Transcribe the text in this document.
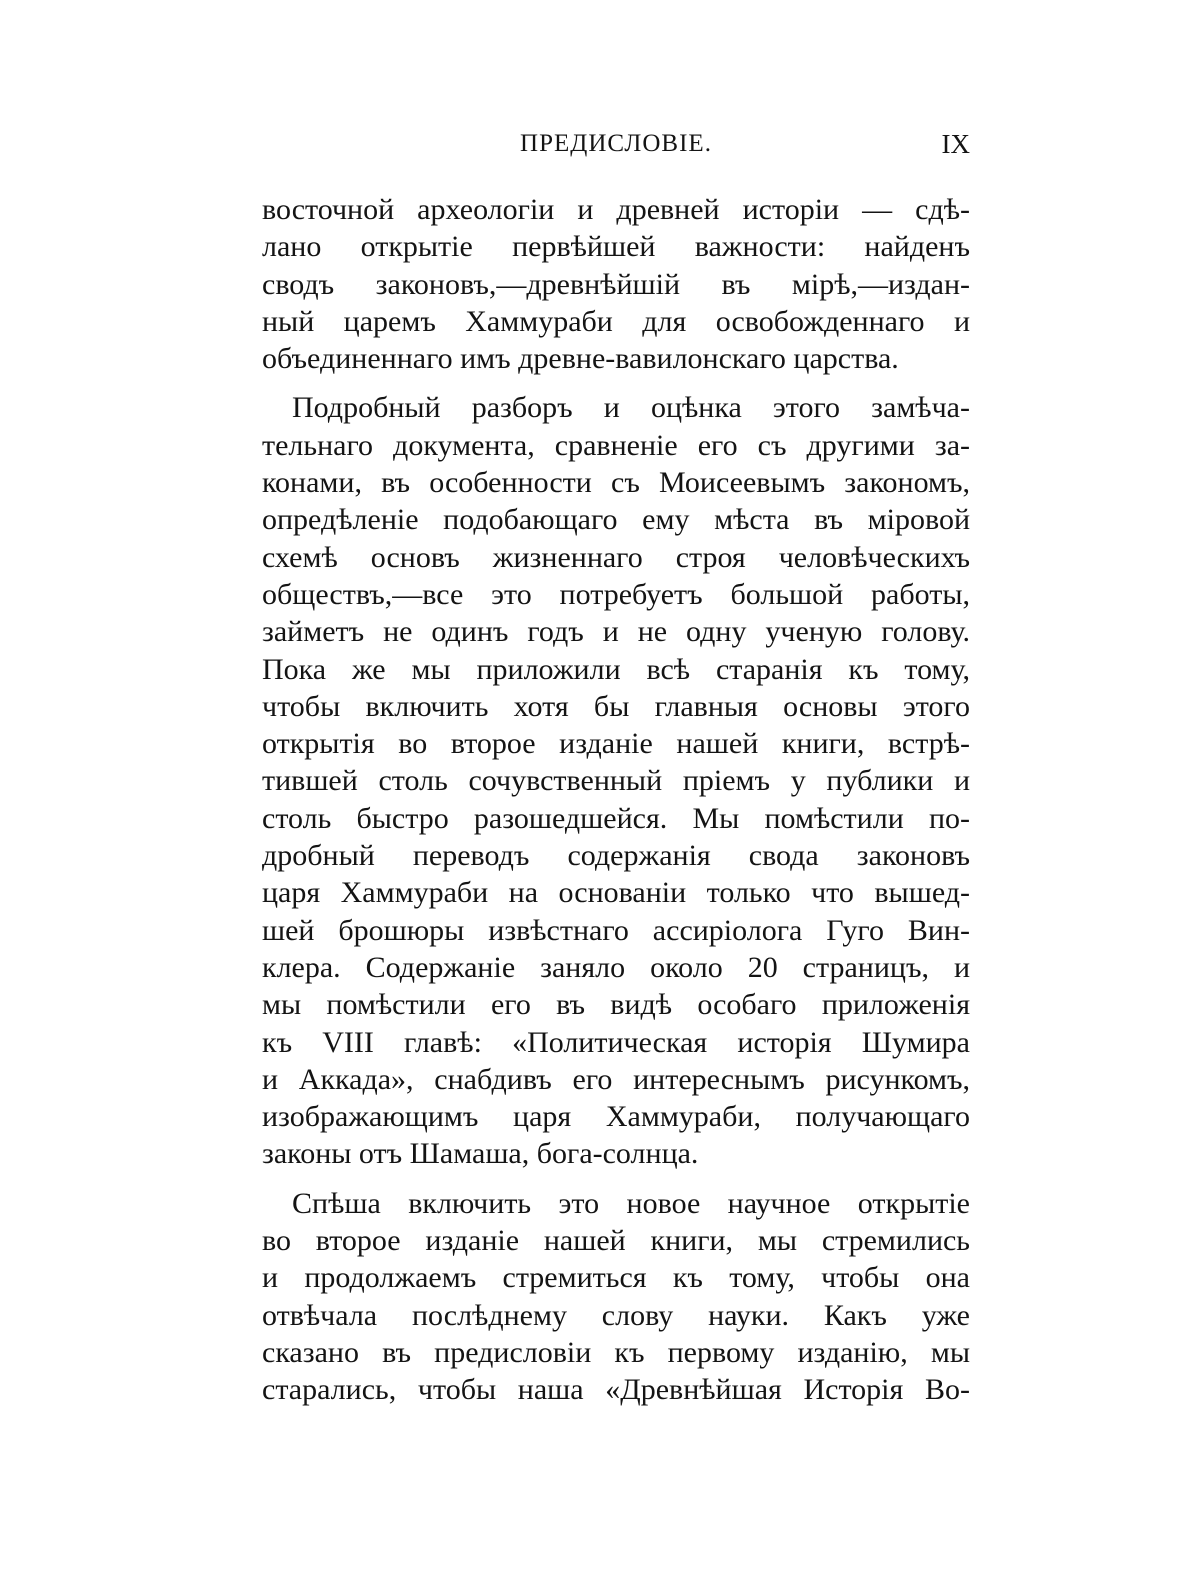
ПРЕДИСЛОВІЕ.	IX
восточной археологіи и древней исторіи — сдѣ-
лано открытіе первѣйшей важности: найденъ
сводъ законовъ,—древнѣйшій въ мірѣ,—издан-
ный царемъ Хаммураби для освобожденнаго и
объединеннаго имъ древне-вавилонскаго царства.
Подробный разборъ и оцѣнка этого замѣча-
тельнаго документа, сравненіе его съ другими за-
конами, въ особенности съ Моисеевымъ закономъ,
опредѣленіе подобающаго ему мѣста въ міровой
схемѣ основъ жизненнаго строя человѣческихъ
обществъ,—все это потребуетъ большой работы,
займетъ не одинъ годъ и не одну ученую голову.
Пока же мы приложили всѣ старанія къ тому,
чтобы включить хотя бы главныя основы этого
открытія во второе изданіе нашей книги, встрѣ-
тившей столь сочувственный пріемъ у публики и
столь быстро разошедшейся. Мы помѣстили по-
дробный переводъ содержанія свода законовъ
царя Хаммураби на основаніи только что вышед-
шей брошюры извѣстнаго ассиріолога Гуго Вин-
клера. Содержаніе заняло около 20 страницъ, и
мы помѣстили его въ видѣ особаго приложенія
къ VIII главѣ: «Политическая исторія Шумира
и Аккада», снабдивъ его интереснымъ рисункомъ,
изображающимъ царя Хаммураби, получающаго
законы отъ Шамаша, бога-солнца.
Спѣша включить это новое научное открытіе
во второе изданіе нашей книги, мы стремились
и продолжаемъ стремиться къ тому, чтобы она
отвѣчала послѣднему слову науки. Какъ уже
сказано въ предисловіи къ первому изданію, мы
старались, чтобы наша «Древнѣйшая Исторія Во-
